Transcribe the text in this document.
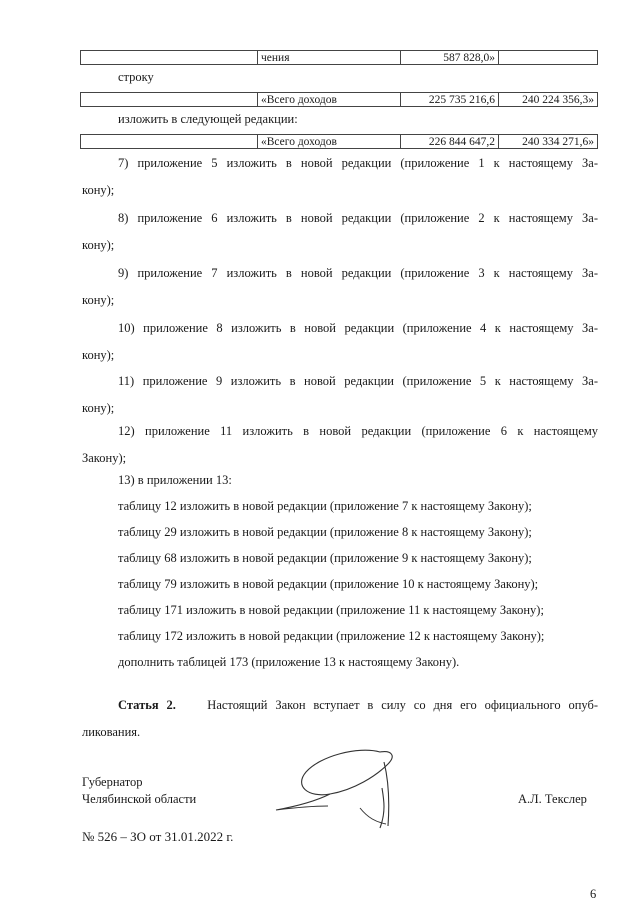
чения	587 828,0»
строку
«Всего доходов	225 735 216,6	240 224 356,3»
изложить в следующей редакции:
«Всего доходов	226 844 647,2	240 334 271,6»
7) приложение 5 изложить в новой редакции (приложение 1 к настоящему За-
кону);
8) приложение 6 изложить в новой редакции (приложение 2 к настоящему За-
кону);
9) приложение 7 изложить в новой редакции (приложение 3 к настоящему За-
кону);
10) приложение 8 изложить в новой редакции (приложение 4 к настоящему За-
кону);
11) приложение 9 изложить в новой редакции (приложение 5 к настоящему За-
кону);
12) приложение 11 изложить в новой редакции (приложение 6 к настоящему
Закону);
13) в приложении 13:
таблицу 12 изложить в новой редакции (приложение 7 к настоящему Закону);
таблицу 29 изложить в новой редакции (приложение 8 к настоящему Закону);
таблицу 68 изложить в новой редакции (приложение 9 к настоящему Закону);
таблицу 79 изложить в новой редакции (приложение 10 к настоящему Закону);
таблицу 171 изложить в новой редакции (приложение 11 к настоящему Закону);
таблицу 172 изложить в новой редакции (приложение 12 к настоящему Закону);
дополнить таблицей 173 (приложение 13 к настоящему Закону).
Статья 2.	Настоящий Закон вступает в силу со дня его официального опуб-
ликования.
Губернатор
Челябинской области	А.Л. Текслер
№ 526 – ЗО от 31.01.2022 г.
6
